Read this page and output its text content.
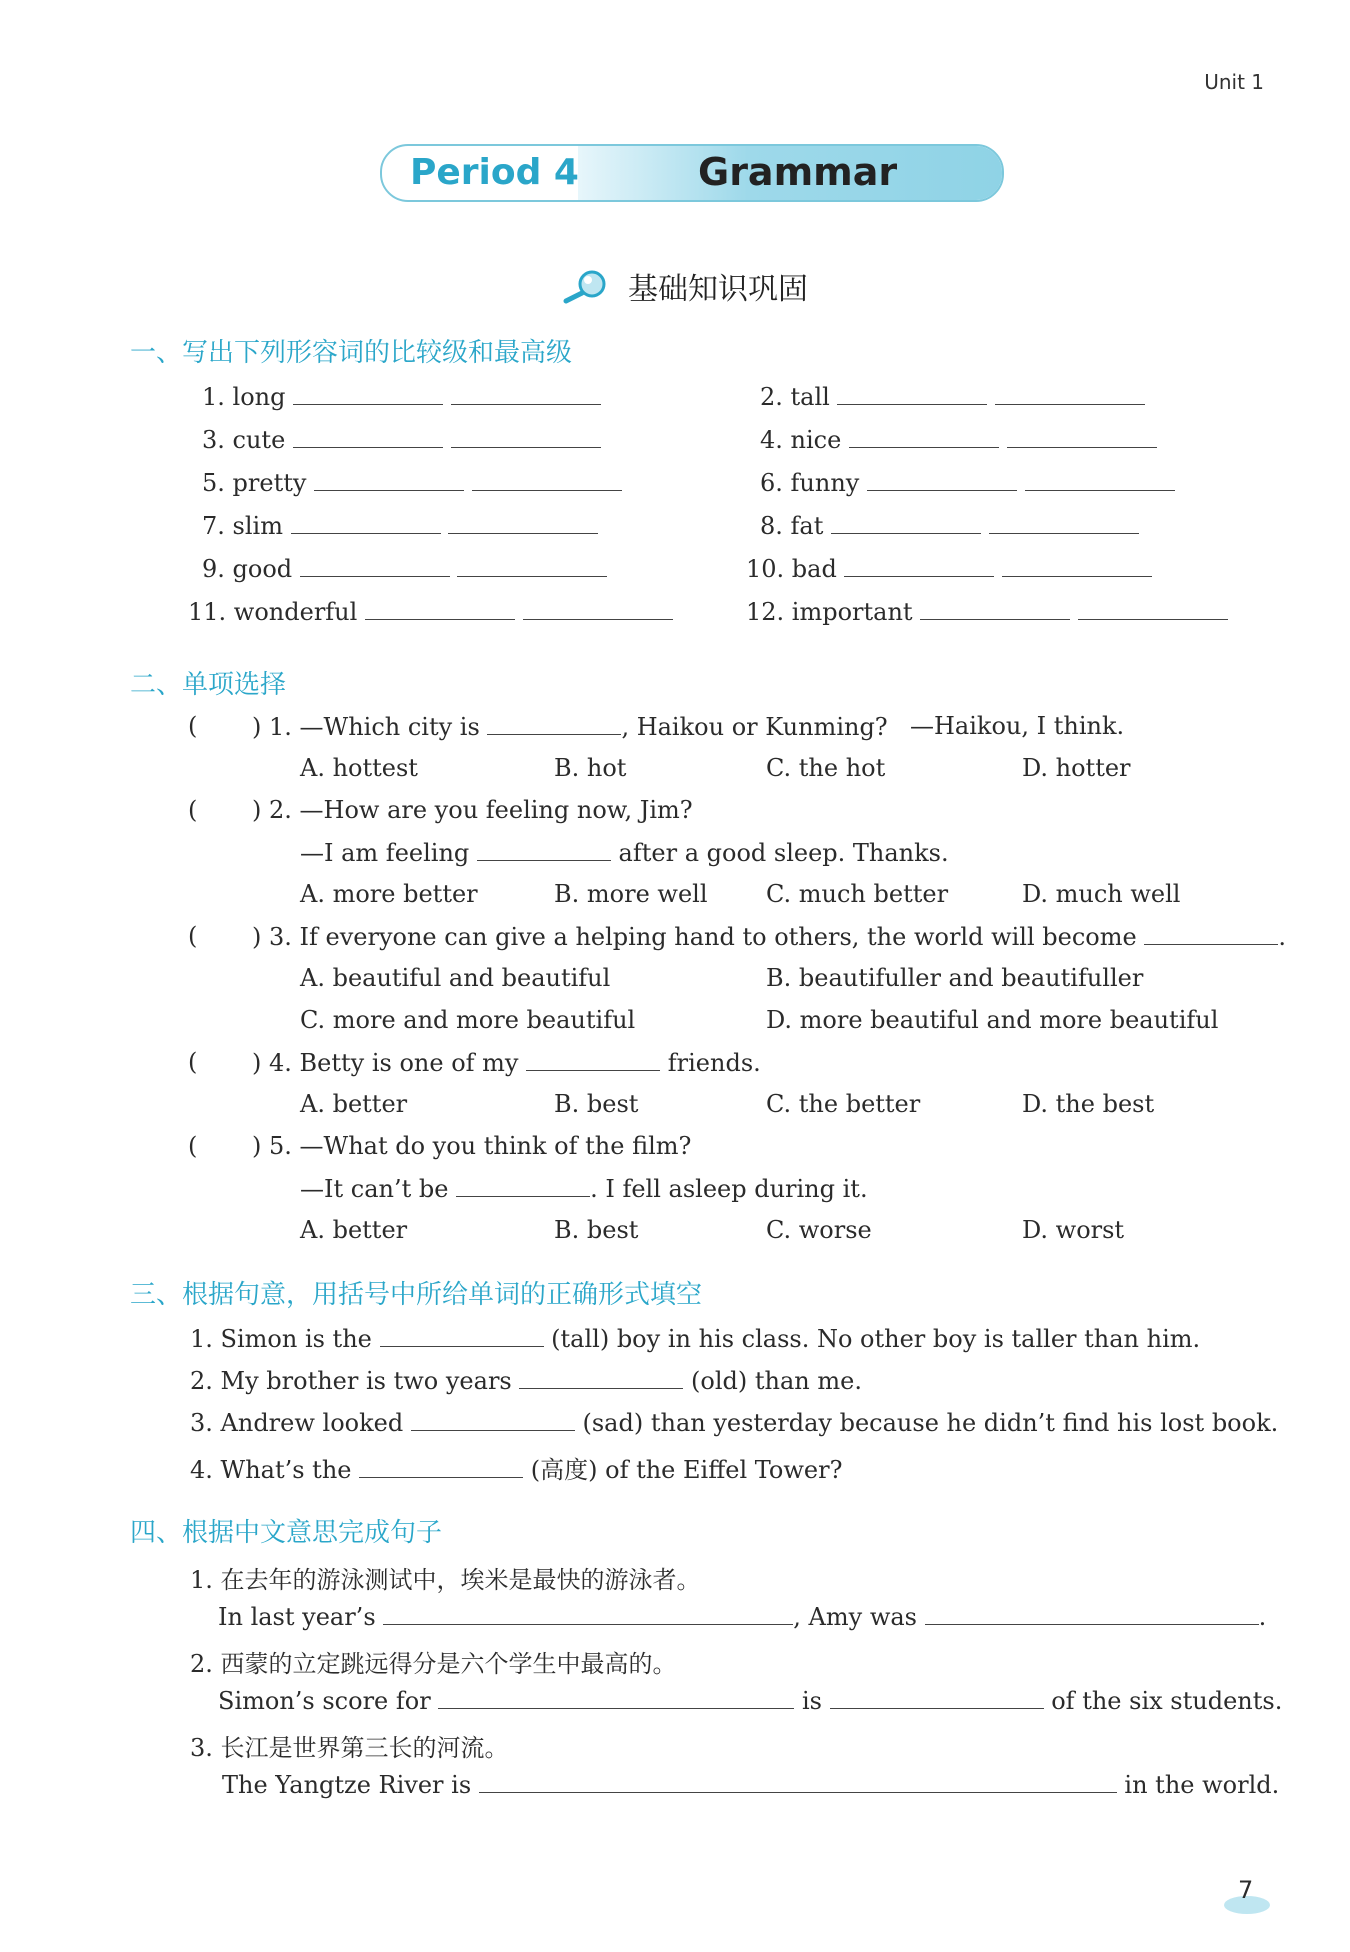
Unit 1
Period 4	Grammar
基础知识巩固
一、写出下列形容词的比较级和最高级
1. long	2. tall
3. cute	4. nice
5. pretty	6. funny
7. slim	8. fat
9. good	10. bad
11. wonderful	12. important
二、单项选择
( ) 1. —Which city is	, Haikou or Kunming? —Haikou, I think.
A. hottest	B. hot	C. the hot	D. hotter
( ) 2. —How are you feeling now, Jim?
—I am feeling	after a good sleep. Thanks.
A. more better	B. more well C. much better	D. much well
( ) 3. If everyone can give a helping hand to others, the world will become	.
A. beautiful and beautiful	B. beautifuller and beautifuller
C. more and more beautiful	D. more beautiful and more beautiful
( ) 4. Betty is one of my	friends.
A. better	B. best	C. the better	D. the best
( ) 5. —What do you think of the film?
—It can’t be	. I fell asleep during it.
A. better	B. best	C. worse	D. worst
三、根据句意，用括号中所给单词的正确形式填空
1. Simon is the	(tall) boy in his class. No other boy is taller than him.
2. My brother is two years	(old) than me.
3. Andrew looked	(sad) than yesterday because he didn’t find his lost book.
4. What’s the	(高度) of the Eiffel Tower?
四、根据中文意思完成句子
1. 在去年的游泳测试中，埃米是最快的游泳者。
In last year’s	, Amy was	.
2. 西蒙的立定跳远得分是六个学生中最高的。
Simon’s score for	is	of the six students.
3. 长江是世界第三长的河流。
The Yangtze River is	in the world.
7
